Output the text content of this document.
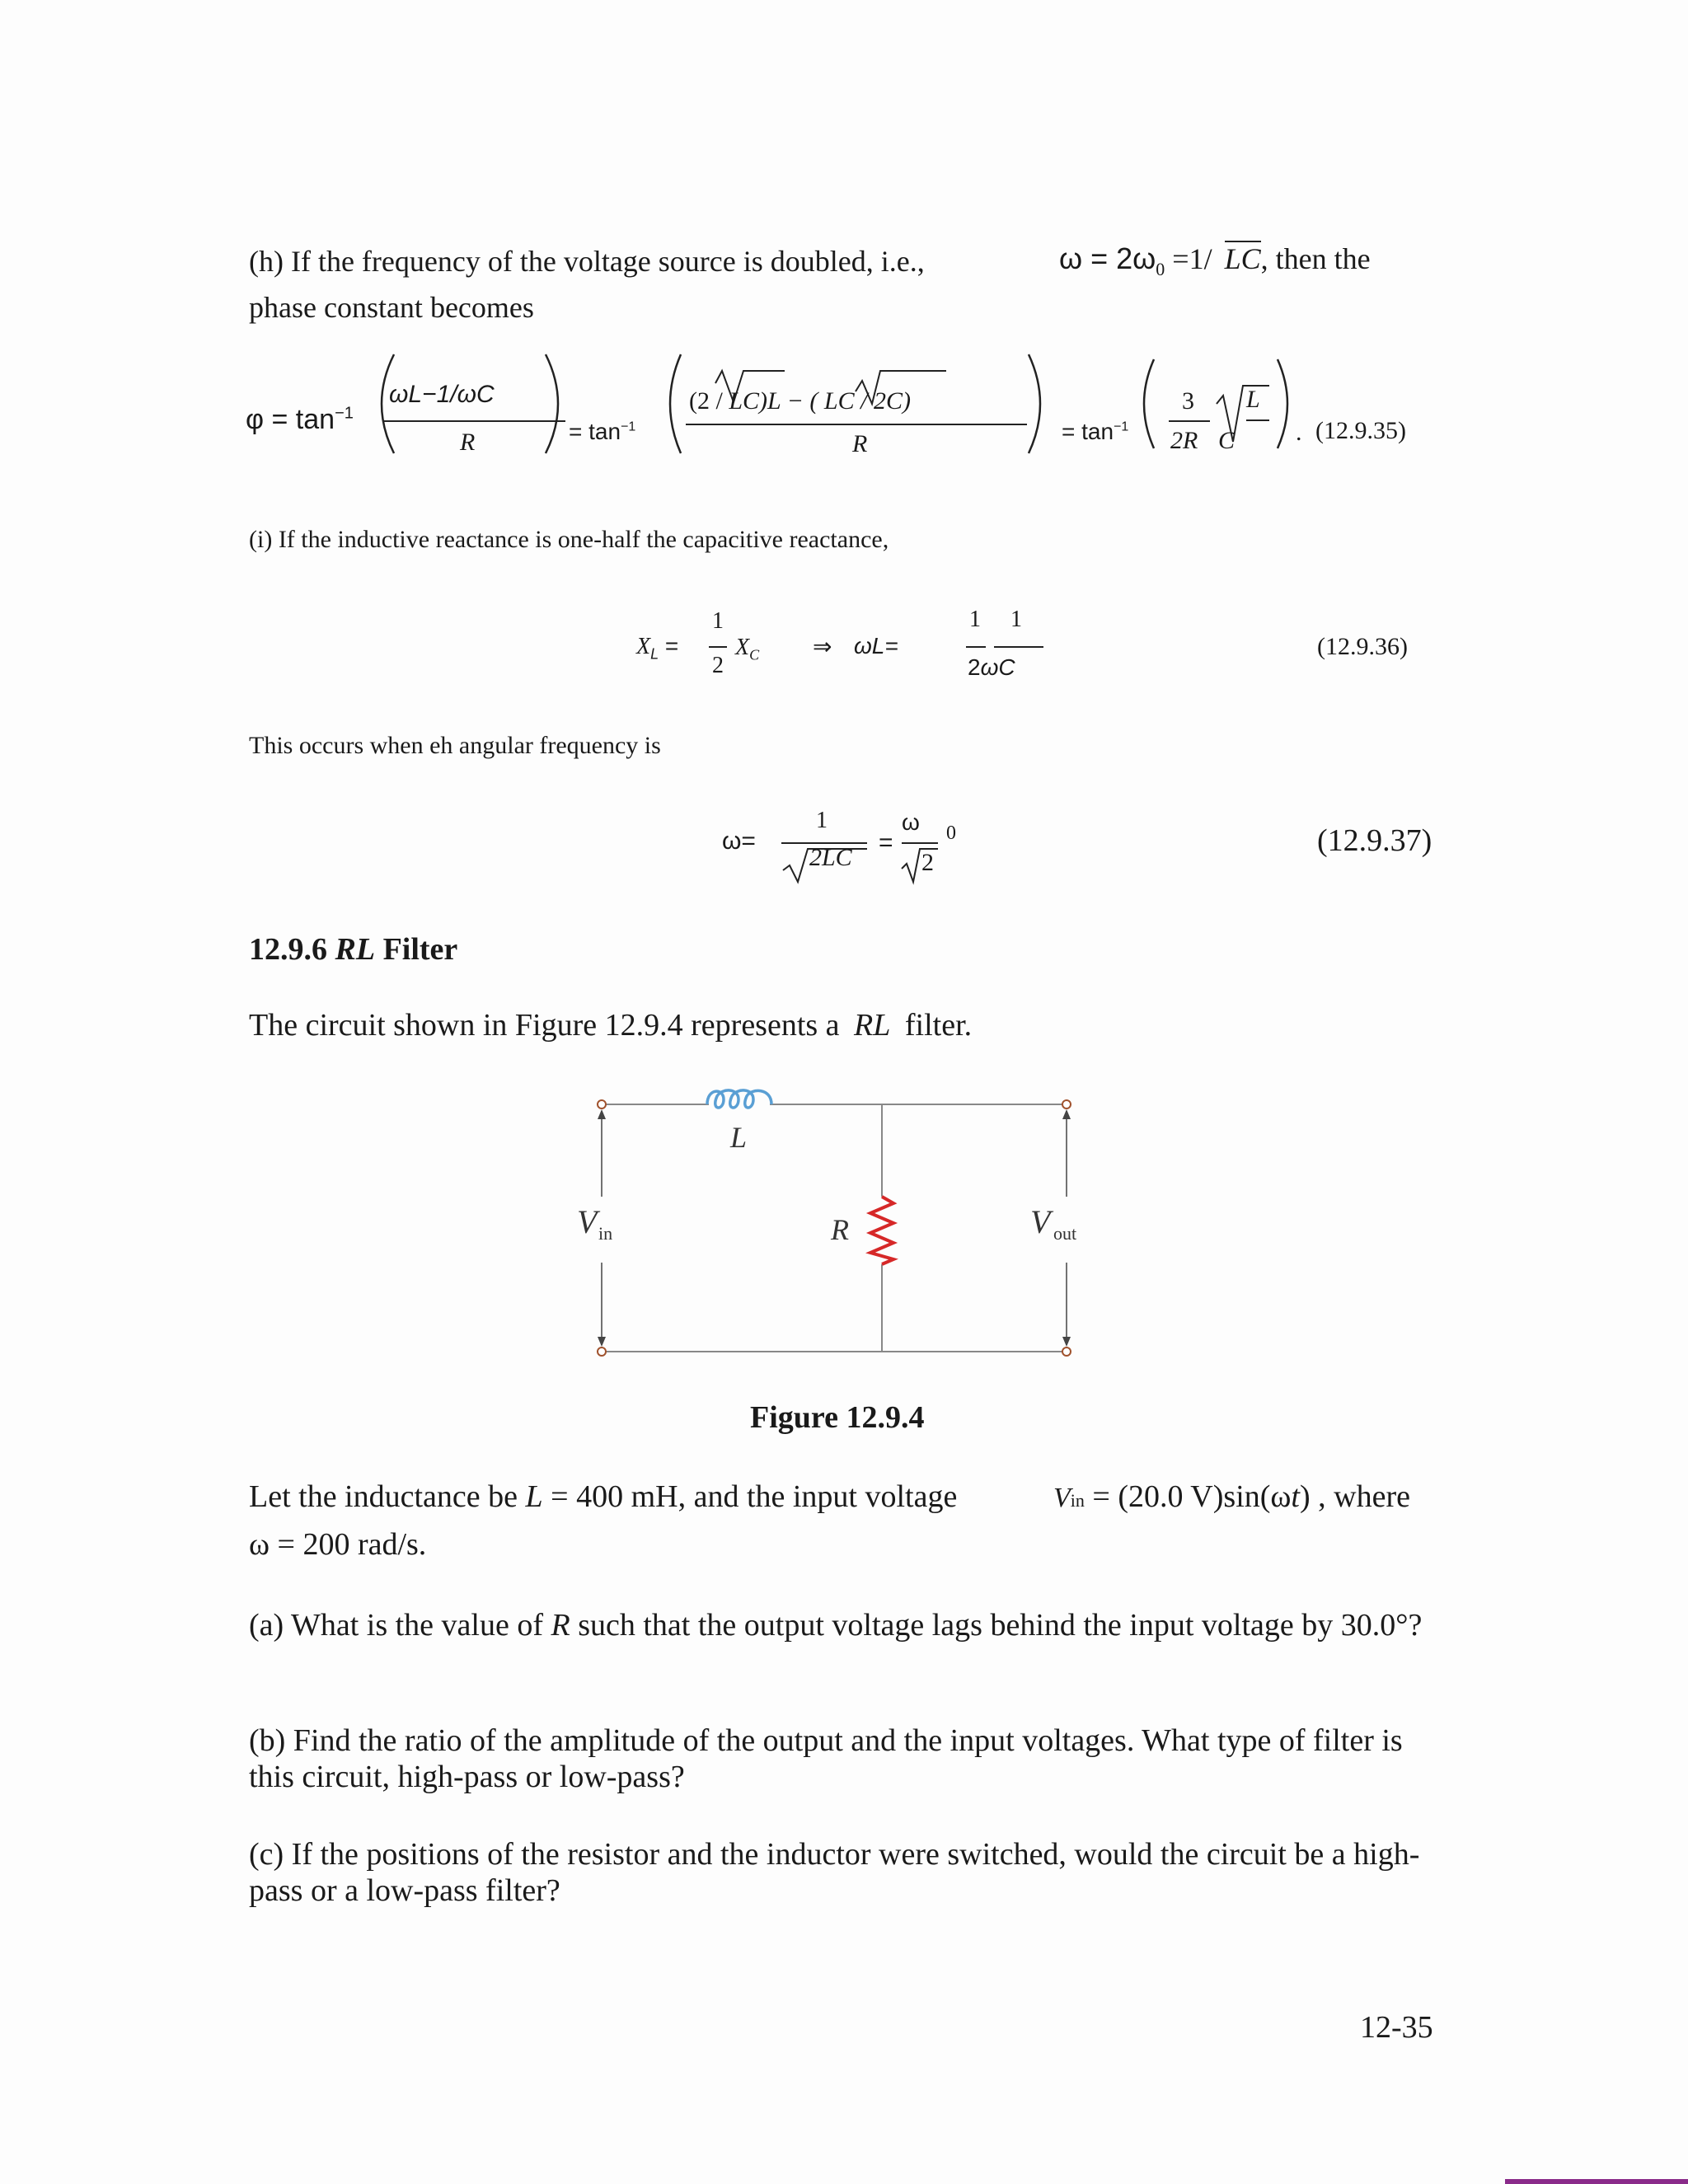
(h) If the frequency of the voltage source is doubled, i.e.,	$\omega = 2\omega_0 =1/$ LC, then the
phase constant becomes
$\varphi = \tan^{-1}$
ωL−1/ωC
R	= $\tan^{-1}$
(2 / LC)L − ( LC / 2C)
R	= $\tan^{-1}$
3
2R
L
C . (12.9.35)
(i) If the inductive reactance is one-half the capacitive reactance,
$X_L$ =
1
2
$X_C$ ⇒ ωL=
1 1
2ωC
(12.9.36)
This occurs when eh angular frequency is
ω=
1
2LC
=
ω 0
2
(12.9.37)
12.9.6 RL Filter
The circuit shown in Figure 12.9.4 represents a RL filter.
L
R
V in	V out
Figure 12.9.4
Let the inductance be L = 400 mH, and the input voltage	Vin = (20.0 V)sin(ωt) , where
ω = 200 rad/s.
(a) What is the value of R such that the output voltage lags behind the input voltage by 30.0°?
(b) Find the ratio of the amplitude of the output and the input voltages. What type of filter is this circuit, high-pass or low-pass?
(c) If the positions of the resistor and the inductor were switched, would the circuit be a high-pass or a low-pass filter?
12-35
